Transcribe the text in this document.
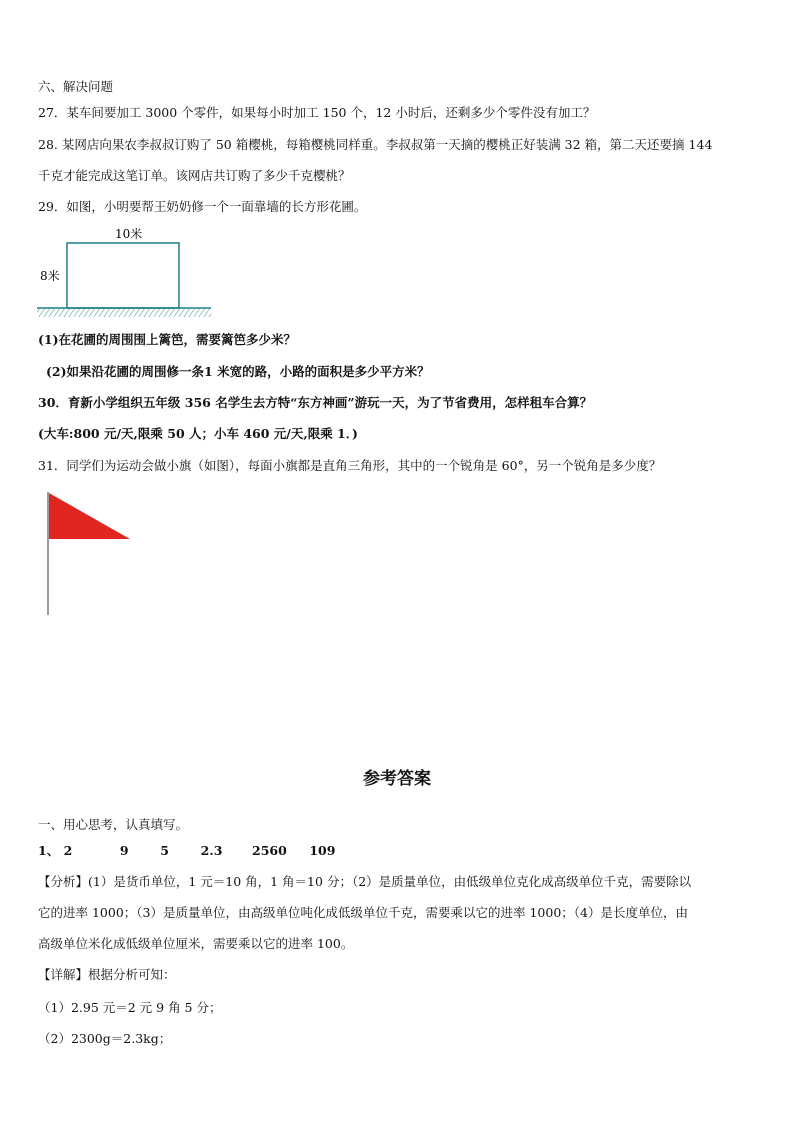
六、解决问题
27．某车间要加工 3000 个零件，如果每小时加工 150 个，12 小时后，还剩多少个零件没有加工？
28. 某网店向果农李叔叔订购了 50 箱樱桃，每箱樱桃同样重。李叔叔第一天摘的樱桃正好装满 32 箱，第二天还要摘 144
千克才能完成这笔订单。该网店共订购了多少千克樱桃？
29．如图，小明要帮王奶奶修一个一面靠墙的长方形花圃。
10米
8米
(1)在花圃的周围围上篱笆，需要篱笆多少米？
(2)如果沿花圃的周围修一条1 米宽的路，小路的面积是多少平方米？
30．育新小学组织五年级 356 名学生去方特“东方神画”游玩一天，为了节省费用，怎样租车合算？
(大车:800 元/天,限乘 50 人；小车 460 元/天,限乘 1．)
31．同学们为运动会做小旗（如图），每面小旗都是直角三角形，其中的一个锐角是 60°，另一个锐角是多少度？
参考答案
一、用心思考，认真填写。
1、 2	9	5	2.3 2560 109
【分析】(1）是货币单位，1 元＝10 角，1 角＝10 分；（2）是质量单位，由低级单位克化成高级单位千克，需要除以
它的进率 1000；（3）是质量单位，由高级单位吨化成低级单位千克，需要乘以它的进率 1000；（4）是长度单位，由
高级单位米化成低级单位厘米，需要乘以它的进率 100。
【详解】根据分析可知：
（1）2.95 元＝2 元 9 角 5 分；
（2）2300g＝2.3kg；
